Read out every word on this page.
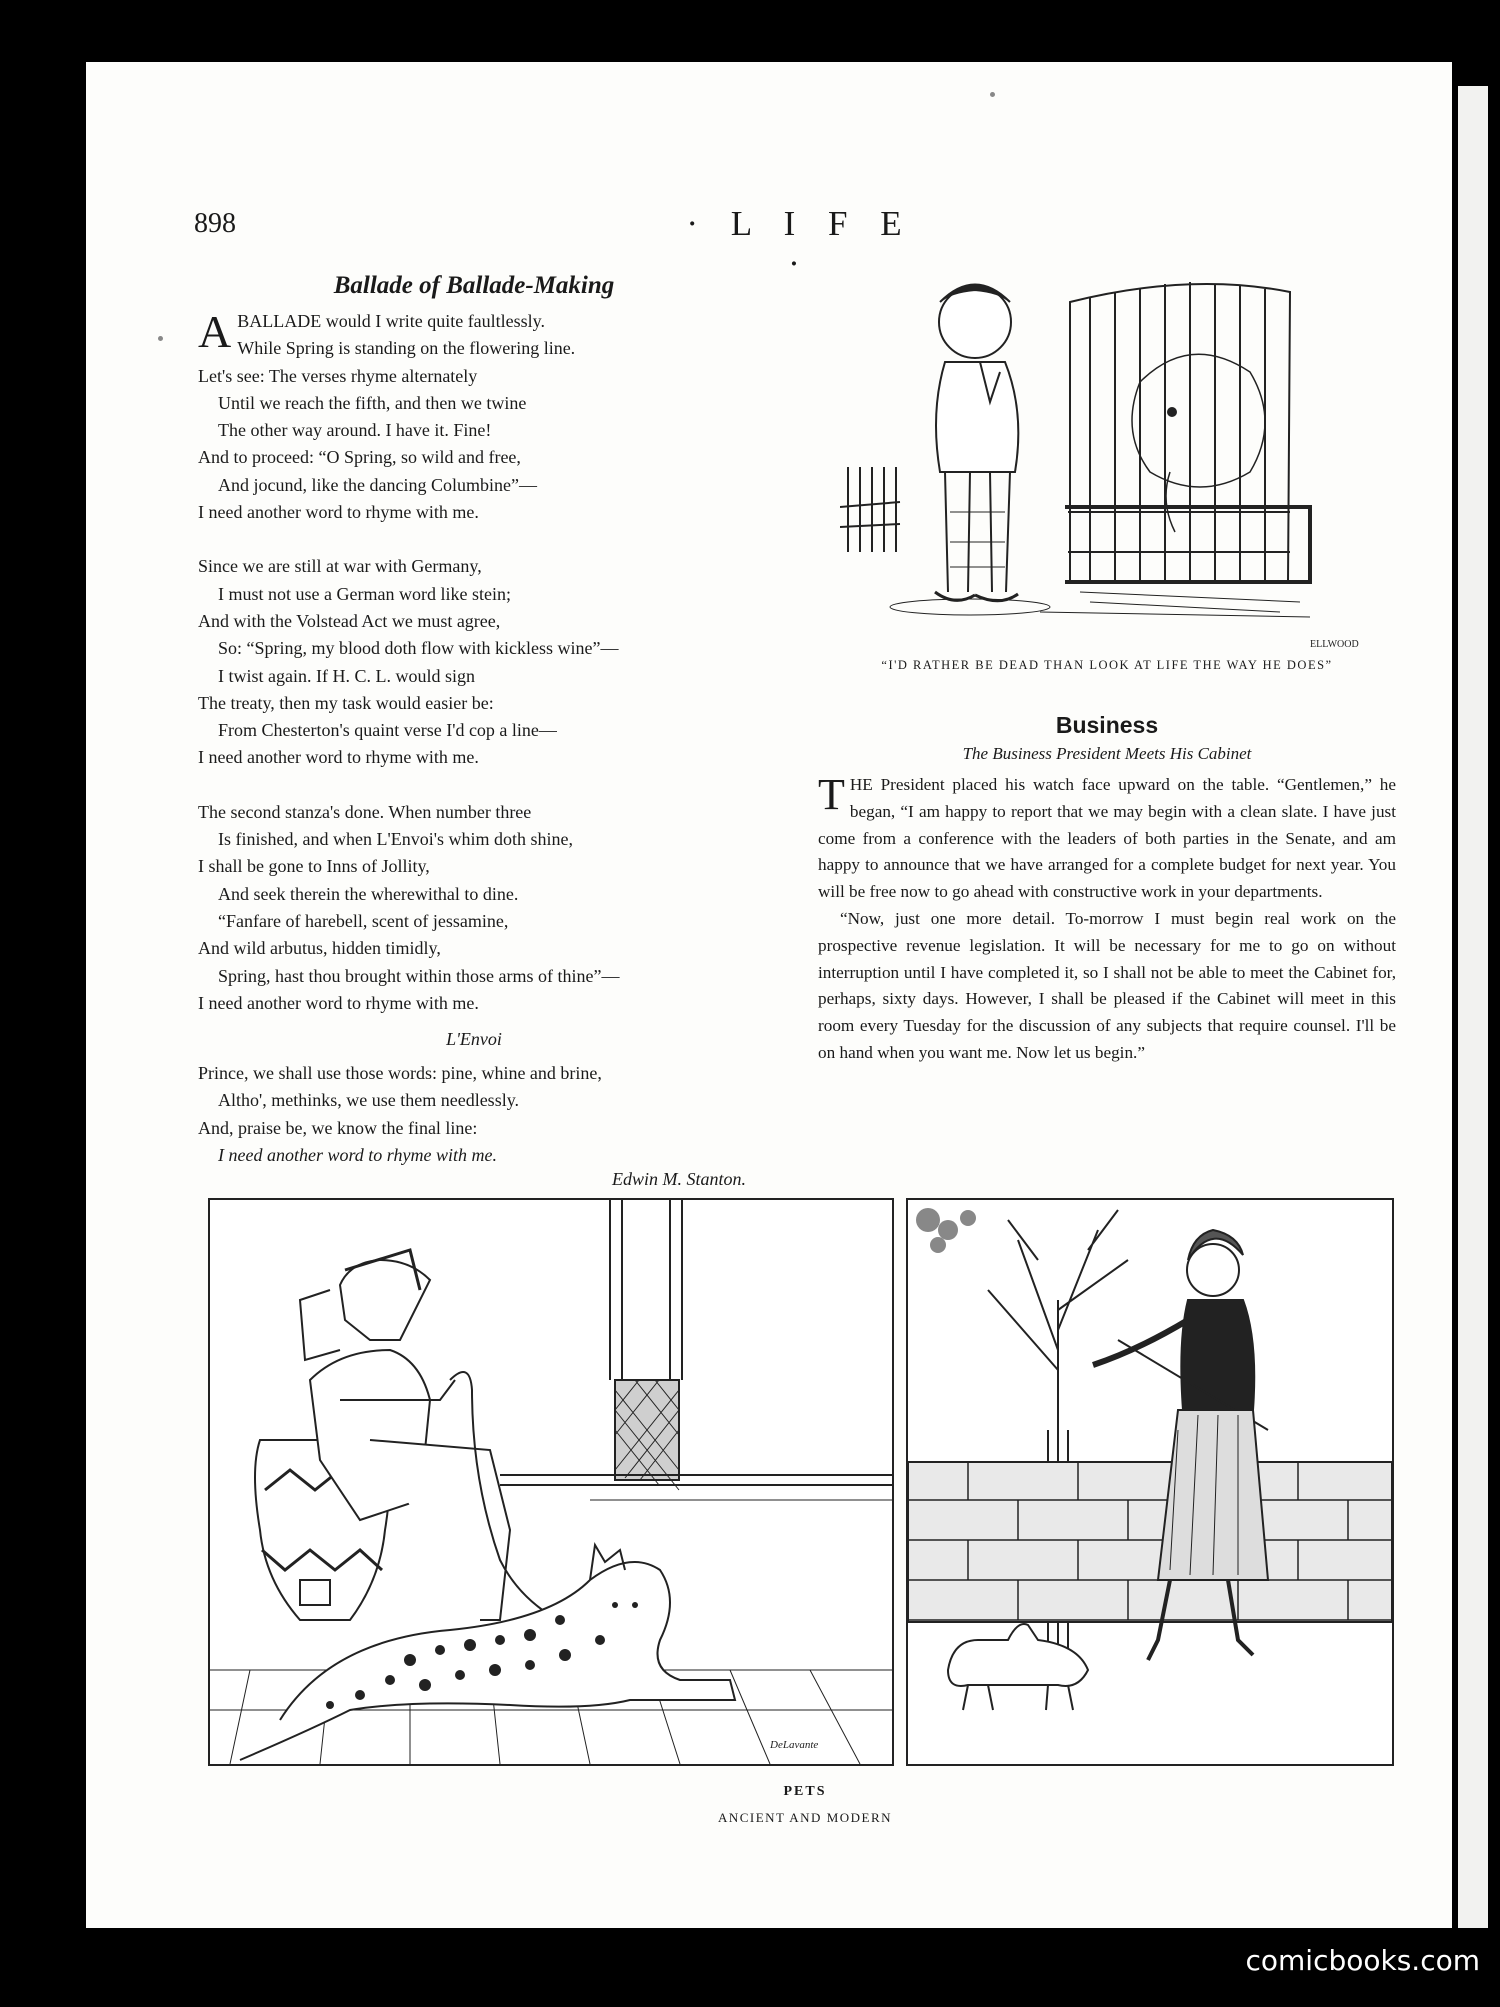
898	· L I F E ·
Ballade of Ballade-Making
A BALLADE would I write quite faultlessly.
While Spring is standing on the flowering line.
Let's see: The verses rhyme alternately
Until we reach the fifth, and then we twine
The other way around. I have it. Fine!
And to proceed: “O Spring, so wild and free,
And jocund, like the dancing Columbine”—
I need another word to rhyme with me.
Since we are still at war with Germany,
I must not use a German word like stein;
And with the Volstead Act we must agree,
So: “Spring, my blood doth flow with kickless wine”—
I twist again. If H. C. L. would sign
The treaty, then my task would easier be:
From Chesterton's quaint verse I'd cop a line—
I need another word to rhyme with me.
The second stanza's done. When number three
Is finished, and when L'Envoi's whim doth shine,
I shall be gone to Inns of Jollity,
And seek therein the wherewithal to dine.
“Fanfare of harebell, scent of jessamine,
And wild arbutus, hidden timidly,
Spring, hast thou brought within those arms of thine”—
I need another word to rhyme with me.
L'Envoi
Prince, we shall use those words: pine, whine and brine,
Altho', methinks, we use them needlessly.
And, praise be, we know the final line:
I need another word to rhyme with me.
Edwin M. Stanton.
ELLWOOD
“I'D RATHER BE DEAD THAN LOOK AT LIFE THE WAY HE DOES”
Business
The Business President Meets His Cabinet

THE President placed his watch face upward on the table. “Gentlemen,” he began, “I am happy to report that we may begin with a clean slate. I have just come from a conference with the leaders of both parties in the Senate, and am happy to announce that we have arranged for a complete budget for next year. You will be free now to go ahead with constructive work in your departments.

“Now, just one more detail. To-morrow I must begin real work on the prospective revenue legislation. It will be necessary for me to go on without interruption until I have completed it, so I shall not be able to meet the Cabinet for, perhaps, sixty days. However, I shall be pleased if the Cabinet will meet in this room every Tuesday for the discussion of any subjects that require counsel. I'll be on hand when you want me. Now let us begin.”

DeLavante
PETS
ANCIENT AND MODERN
comicbooks.com
